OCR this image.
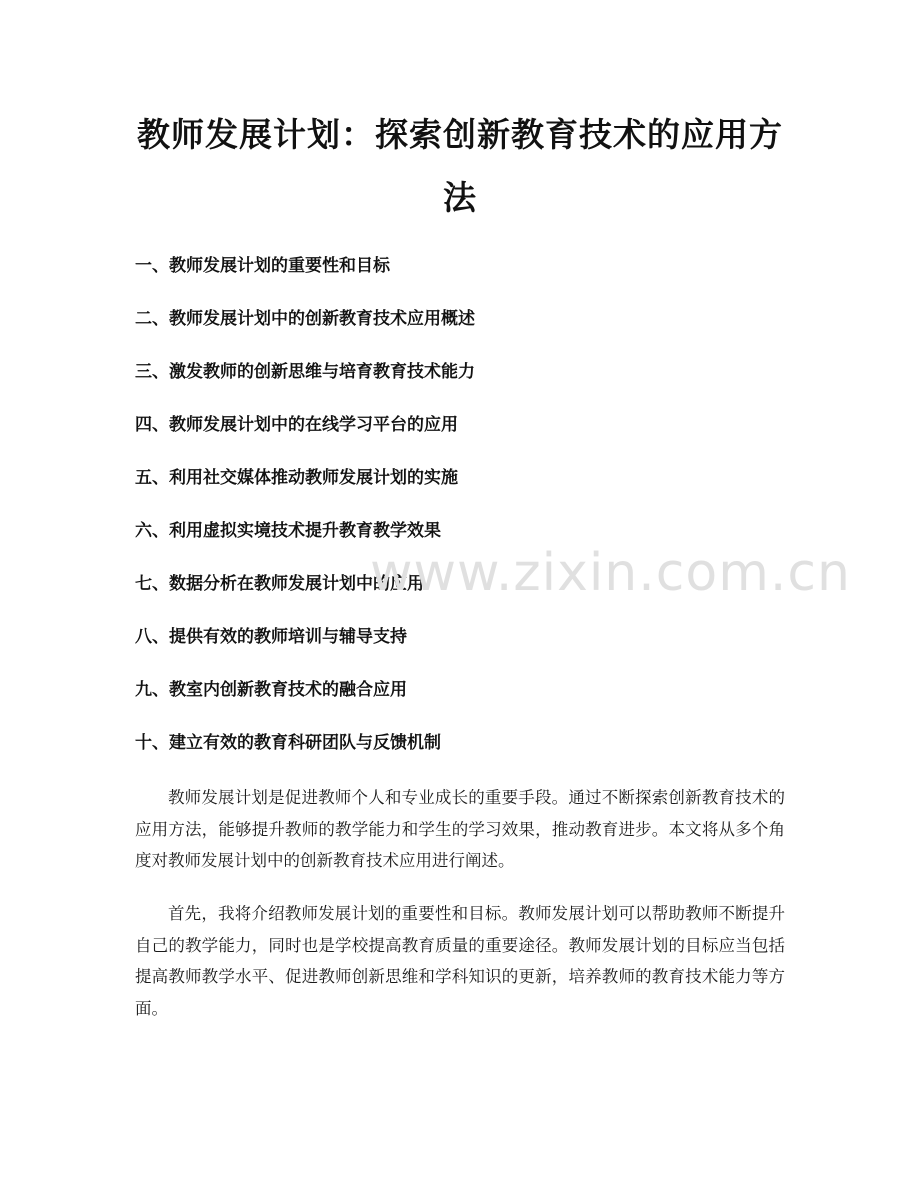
教师发展计划：探索创新教育技术的应用方法
一、教师发展计划的重要性和目标
二、教师发展计划中的创新教育技术应用概述
三、激发教师的创新思维与培育教育技术能力
四、教师发展计划中的在线学习平台的应用
五、利用社交媒体推动教师发展计划的实施
六、利用虚拟实境技术提升教育教学效果
七、数据分析在教师发展计划中的应用
八、提供有效的教师培训与辅导支持
九、教室内创新教育技术的融合应用
十、建立有效的教育科研团队与反馈机制

教师发展计划是促进教师个人和专业成长的重要手段。通过不断探索创新教育技术的应用方法，能够提升教师的教学能力和学生的学习效果，推动教育进步。本文将从多个角度对教师发展计划中的创新教育技术应用进行阐述。

首先，我将介绍教师发展计划的重要性和目标。教师发展计划可以帮助教师不断提升自己的教学能力，同时也是学校提高教育质量的重要途径。教师发展计划的目标应当包括提高教师教学水平、促进教师创新思维和学科知识的更新，培养教师的教育技术能力等方面。

www.zixin.com.cn
